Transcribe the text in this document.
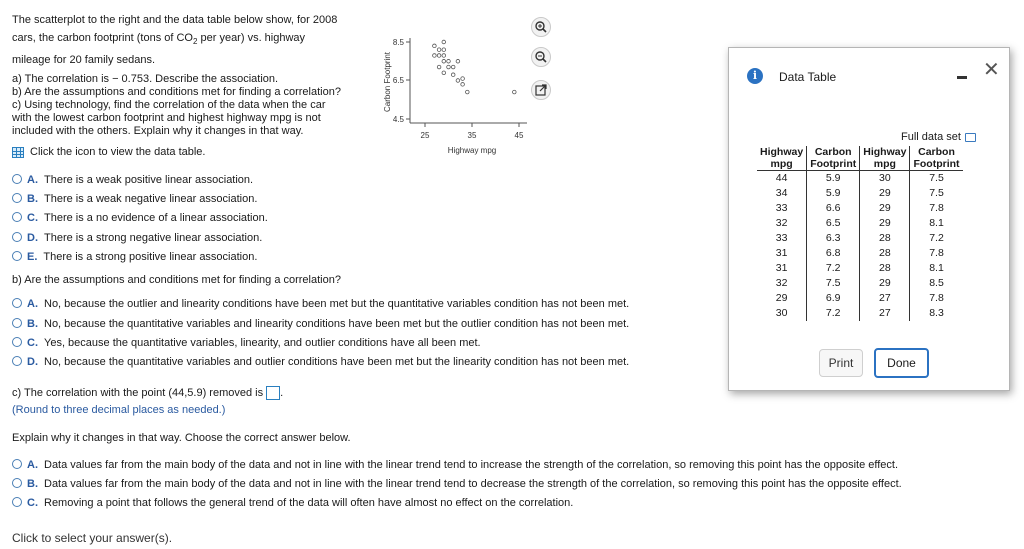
The scatterplot to the right and the data table below show, for 2008
cars, the carbon footprint (tons of $CO_2$ per year) vs. highway
mileage for 20 family sedans.
a) The correlation is − 0.753. Describe the association.
b) Are the assumptions and conditions met for finding a correlation?
c) Using technology, find the correlation of the data when the car
with the lowest carbon footprint and highest highway mpg is not
included with the others. Explain why it changes in that way.
Click the icon to view the data table.
8.5
6.5
4.5
25	35	45
Highway mpg
Carbon Footprint
A. There is a weak positive linear association.
B. There is a weak negative linear association.
C. There is a no evidence of a linear association.
D. There is a strong negative linear association.
E. There is a strong positive linear association.
b) Are the assumptions and conditions met for finding a correlation?
A. No, because the outlier and linearity conditions have been met but the quantitative variables condition has not been met.
B. No, because the quantitative variables and linearity conditions have been met but the outlier condition has not been met.
C. Yes, because the quantitative variables, linearity, and outlier conditions have all been met.
D. No, because the quantitative variables and outlier conditions have been met but the linearity condition has not been met.
c) The correlation with the point (44,5.9) removed is .
(Round to three decimal places as needed.)
Explain why it changes in that way. Choose the correct answer below.
A. Data values far from the main body of the data and not in line with the linear trend tend to increase the strength of the correlation, so removing this point has the opposite effect.
B. Data values far from the main body of the data and not in line with the linear trend tend to decrease the strength of the correlation, so removing this point has the opposite effect.
C. Removing a point that follows the general trend of the data will often have almost no effect on the correlation.
Click to select your answer(s).
i	Data Table	✕
Full data set
Highway	Carbon	Highway	Carbon
mpg	Footprint	mpg	Footprint
44	5.9	30	7.5
34	5.9	29	7.5
33	6.6	29	7.8
32	6.5	29	8.1
33	6.3	28	7.2
31	6.8	28	7.8
31	7.2	28	8.1
32	7.5	29	8.5
29	6.9	27	7.8
30	7.2	27	8.3
Print	Done
